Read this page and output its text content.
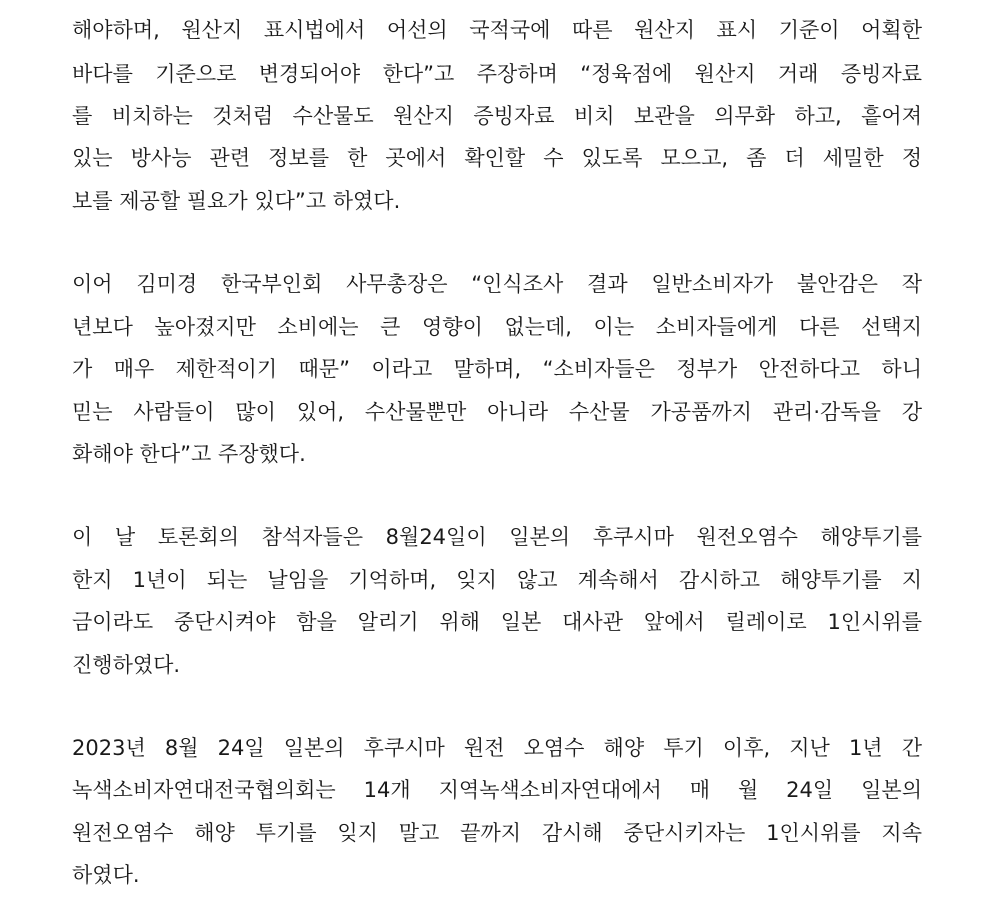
해야하며, 원산지 표시법에서 어선의 국적국에 따른 원산지 표시 기준이 어획한
바다를 기준으로 변경되어야 한다”고 주장하며 “정육점에 원산지 거래 증빙자료
를 비치하는 것처럼 수산물도 원산지 증빙자료 비치 보관을 의무화 하고, 흩어져
있는 방사능 관련 정보를 한 곳에서 확인할 수 있도록 모으고, 좀 더 세밀한 정
보를 제공할 필요가 있다”고 하였다.
이어 김미경 한국부인회 사무총장은 “인식조사 결과 일반소비자가 불안감은 작
년보다 높아졌지만 소비에는 큰 영향이 없는데, 이는 소비자들에게 다른 선택지
가 매우 제한적이기 때문” 이라고 말하며, “소비자들은 정부가 안전하다고 하니
믿는 사람들이 많이 있어, 수산물뿐만 아니라 수산물 가공품까지 관리·감독을 강
화해야 한다”고 주장했다.
이 날 토론회의 참석자들은 8월24일이 일본의 후쿠시마 원전오염수 해양투기를
한지 1년이 되는 날임을 기억하며, 잊지 않고 계속해서 감시하고 해양투기를 지
금이라도 중단시켜야 함을 알리기 위해 일본 대사관 앞에서 릴레이로 1인시위를
진행하였다.
2023년 8월 24일 일본의 후쿠시마 원전 오염수 해양 투기 이후, 지난 1년 간
녹색소비자연대전국협의회는 14개 지역녹색소비자연대에서 매 월 24일 일본의
원전오염수 해양 투기를 잊지 말고 끝까지 감시해 중단시키자는 1인시위를 지속
하였다.
